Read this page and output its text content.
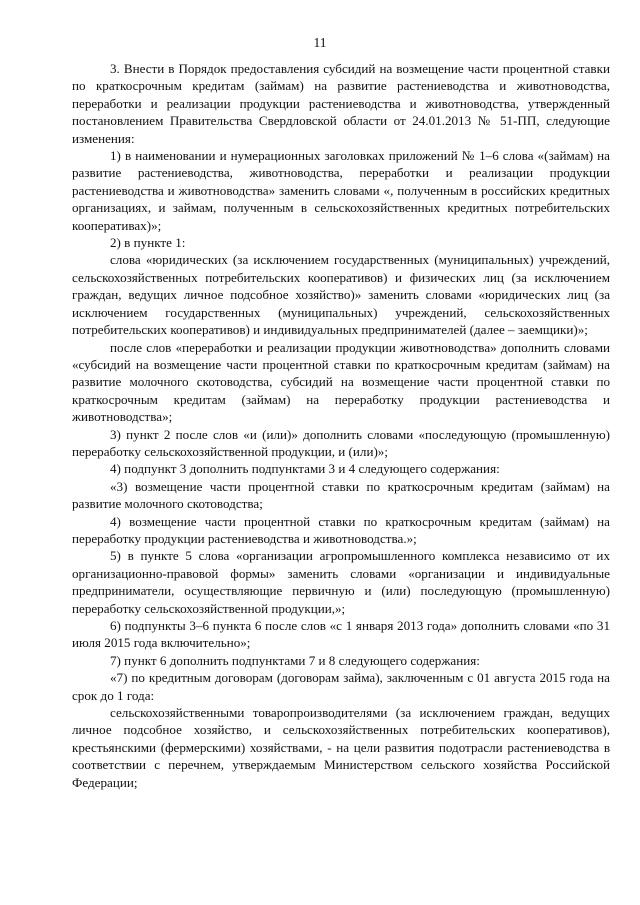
11

3. Внести в Порядок предоставления субсидий на возмещение части процентной ставки по краткосрочным кредитам (займам) на развитие растениеводства и животноводства, переработки и реализации продукции растениеводства и животноводства, утвержденный постановлением Правительства Свердловской области от 24.01.2013 № 51-ПП, следующие изменения:

1) в наименовании и нумерационных заголовках приложений № 1–6 слова «(займам) на развитие растениеводства, животноводства, переработки и реализации продукции растениеводства и животноводства» заменить словами «, полученным в российских кредитных организациях, и займам, полученным в сельскохозяйственных кредитных потребительских кооперативах)»;

2) в пункте 1:

слова «юридических (за исключением государственных (муниципальных) учреждений, сельскохозяйственных потребительских кооперативов) и физических лиц (за исключением граждан, ведущих личное подсобное хозяйство)» заменить словами «юридических лиц (за исключением государственных (муниципальных) учреждений, сельскохозяйственных потребительских кооперативов) и индивидуальных предпринимателей (далее – заемщики)»;

после слов «переработки и реализации продукции животноводства» дополнить словами «субсидий на возмещение части процентной ставки по краткосрочным кредитам (займам) на развитие молочного скотоводства, субсидий на возмещение части процентной ставки по краткосрочным кредитам (займам) на переработку продукции растениеводства и животноводства»;

3) пункт 2 после слов «и (или)» дополнить словами «последующую (промышленную) переработку сельскохозяйственной продукции, и (или)»;

4) подпункт 3 дополнить подпунктами 3 и 4 следующего содержания:

«3) возмещение части процентной ставки по краткосрочным кредитам (займам) на развитие молочного скотоводства;

4) возмещение части процентной ставки по краткосрочным кредитам (займам) на переработку продукции растениеводства и животноводства.»;

5) в пункте 5 слова «организации агропромышленного комплекса независимо от их организационно-правовой формы» заменить словами «организации и индивидуальные предприниматели, осуществляющие первичную и (или) последующую (промышленную) переработку сельскохозяйственной продукции,»;

6) подпункты 3–6 пункта 6 после слов «с 1 января 2013 года» дополнить словами «по 31 июля 2015 года включительно»;

7) пункт 6 дополнить подпунктами 7 и 8 следующего содержания:

«7) по кредитным договорам (договорам займа), заключенным с 01 августа 2015 года на срок до 1 года:

сельскохозяйственными товаропроизводителями (за исключением граждан, ведущих личное подсобное хозяйство, и сельскохозяйственных потребительских кооперативов), крестьянскими (фермерскими) хозяйствами, - на цели развития подотрасли растениеводства в соответствии с перечнем, утверждаемым Министерством сельского хозяйства Российской Федерации;
